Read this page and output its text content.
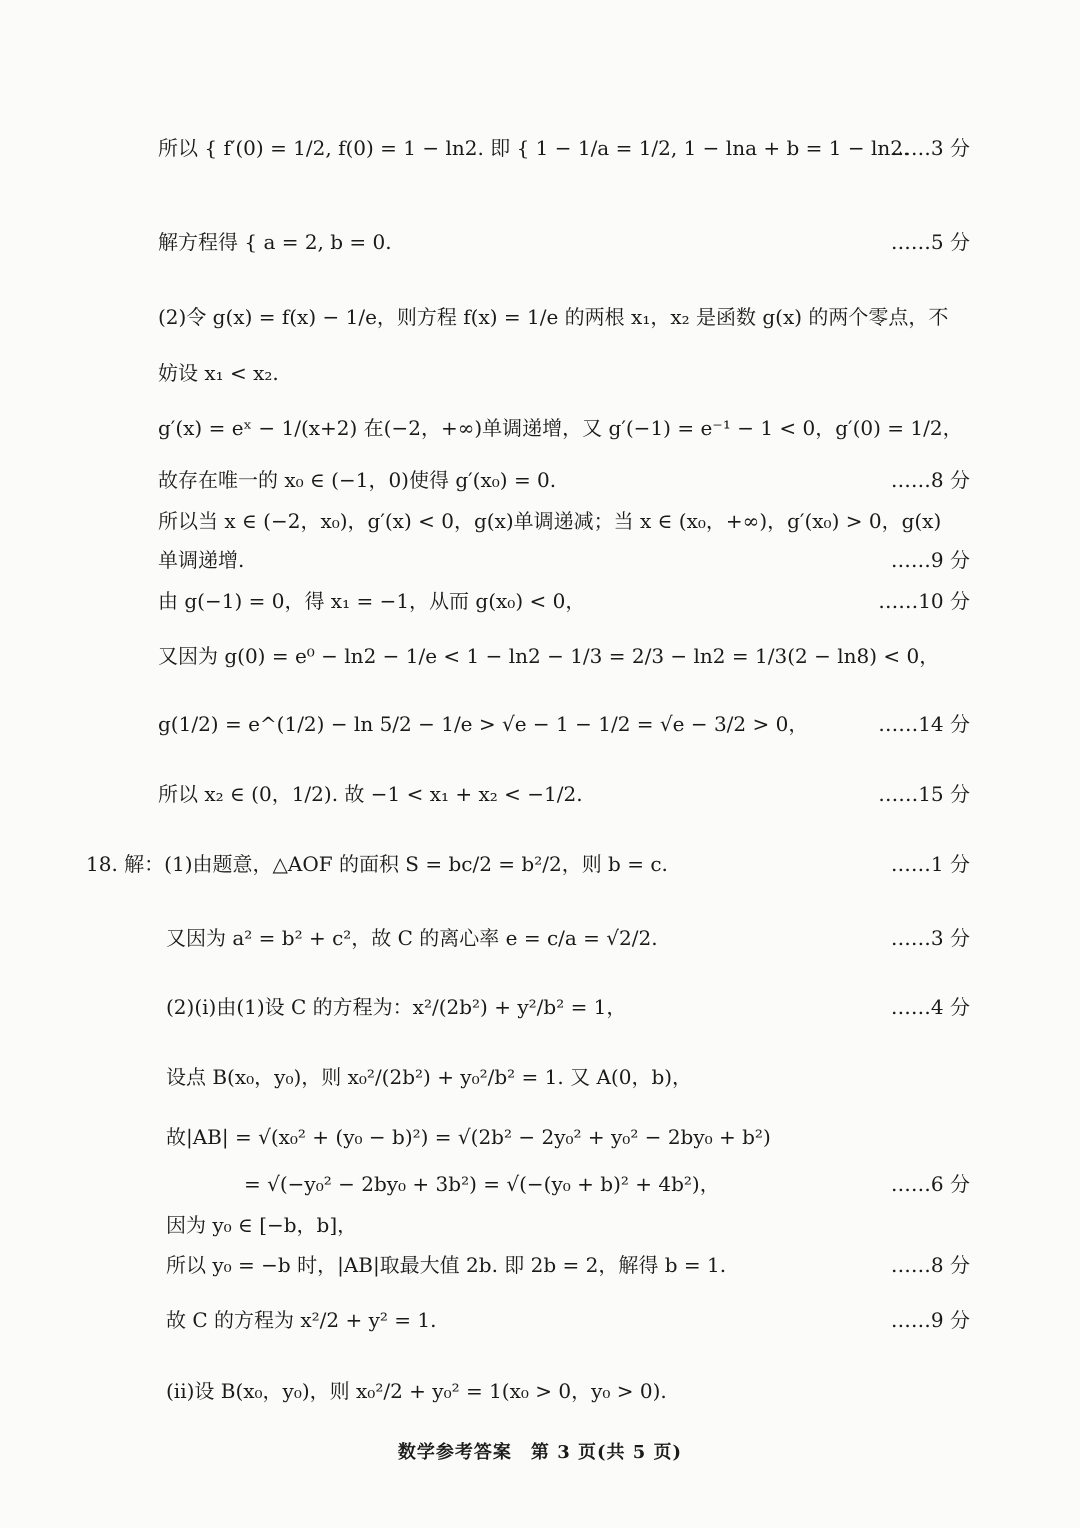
所以 { f′(0) = 1/2, f(0) = 1 − ln2. 即 { 1 − 1/a = 1/2, 1 − lna + b = 1 − ln2.
解方程得 { a = 2, b = 0.
(2)令 g(x) = f(x) − 1/e，则方程 f(x) = 1/e 的两根 x₁，x₂ 是函数 g(x) 的两个零点，不
妨设 x₁ < x₂.
g′(x) = eˣ − 1/(x+2) 在(−2，+∞)单调递增，又 g′(−1) = e⁻¹ − 1 < 0，g′(0) = 1/2，
故存在唯一的 x₀ ∈ (−1，0)使得 g′(x₀) = 0.
所以当 x ∈ (−2，x₀)，g′(x) < 0，g(x)单调递减；当 x ∈ (x₀，+∞)，g′(x₀) > 0，g(x)
单调递增.
由 g(−1) = 0，得 x₁ = −1，从而 g(x₀) < 0，
又因为 g(0) = e⁰ − ln2 − 1/e < 1 − ln2 − 1/3 = 2/3 − ln2 = 1/3(2 − ln8) < 0，
g(1/2) = e^(1/2) − ln 5/2 − 1/e > √e − 1 − 1/2 = √e − 3/2 > 0，
所以 x₂ ∈ (0，1/2). 故 −1 < x₁ + x₂ < −1/2.
18. 解：(1)由题意，△AOF 的面积 S = bc/2 = b²/2，则 b = c.
又因为 a² = b² + c²，故 C 的离心率 e = c/a = √2/2.
(2)(i)由(1)设 C 的方程为：x²/(2b²) + y²/b² = 1，
设点 B(x₀，y₀)，则 x₀²/(2b²) + y₀²/b² = 1. 又 A(0，b)，
故|AB| = √(x₀² + (y₀ − b)²) = √(2b² − 2y₀² + y₀² − 2by₀ + b²)
= √(−y₀² − 2by₀ + 3b²) = √(−(y₀ + b)² + 4b²)，
因为 y₀ ∈ [−b，b]，
所以 y₀ = −b 时，|AB|取最大值 2b. 即 2b = 2，解得 b = 1.
故 C 的方程为 x²/2 + y² = 1.
(ii)设 B(x₀，y₀)，则 x₀²/2 + y₀² = 1(x₀ > 0，y₀ > 0).
……3 分
……5 分
……8 分
……9 分
……10 分
……14 分
……15 分
……1 分
……3 分
……4 分
……6 分
……8 分
……9 分
数学参考答案　第 3 页(共 5 页)
